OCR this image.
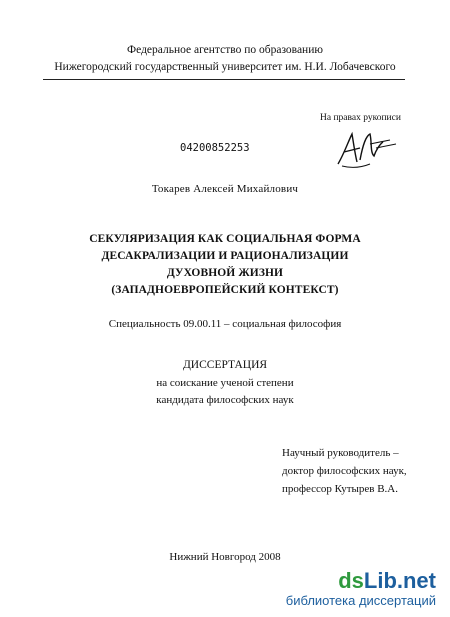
Федеральное агентство по образованию
Нижегородский государственный университет им. Н.И. Лобачевского
На правах рукописи
04200852253
Токарев Алексей Михайлович
СЕКУЛЯРИЗАЦИЯ КАК СОЦИАЛЬНАЯ ФОРМА
ДЕСАКРАЛИЗАЦИИ И РАЦИОНАЛИЗАЦИИ
ДУХОВНОЙ ЖИЗНИ
(ЗАПАДНОЕВРОПЕЙСКИЙ КОНТЕКСТ)
Специальность 09.00.11 – социальная философия
ДИССЕРТАЦИЯ
на соискание ученой степени
кандидата философских наук
Научный руководитель –
доктор философских наук,
профессор Кутырев В.А.
Нижний Новгород 2008
dsLib.net
библиотека диссертаций
